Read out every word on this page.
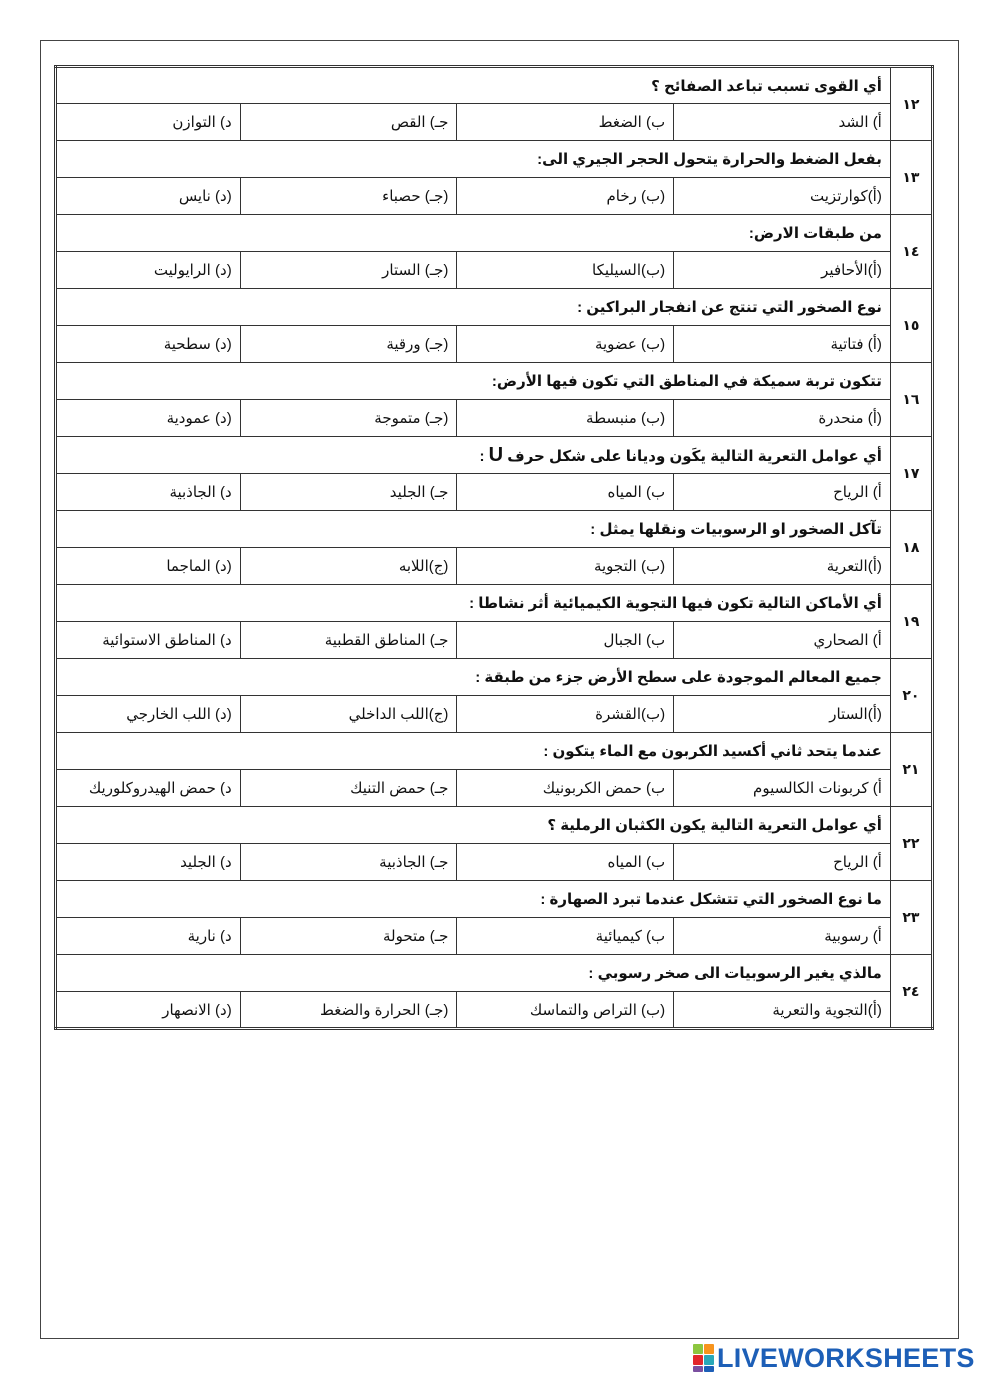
١٢	أي القوى تسبب تباعد الصفائح ؟			
	أ) الشد	ب) الضغط	جـ) القص	د) التوازن
١٣	بفعل الضغط والحرارة يتحول الحجر الجيري الى:			
	(أ)كوارتزيت	(ب) رخام	(جـ) حصباء	(د) نايس
١٤	من طبقات الارض:			
	(أ)الأحافير	(ب)السيليكا	(جـ) الستار	(د) الرايوليت
١٥	نوع الصخور التي تنتج عن انفجار البراكين :			
	(أ) فتاتية	(ب) عضوية	(جـ) ورقية	(د) سطحية
١٦	تتكون تربة سميكة في المناطق التي تكون فيها الأرض:			
	(أ) منحدرة	(ب) منبسطة	(جـ) متموجة	(د) عمودية
١٧	أي عوامل التعرية التالية يكَون وديانا على شكل حرف U :			
	أ) الرياح	ب) المياه	جـ) الجليد	د) الجاذبية
١٨	تآكل الصخور او الرسوبيات ونقلها يمثل :			
	(أ)التعرية	(ب) التجوية	(ج)اللابه	(د) الماجما
١٩	أي الأماكن التالية تكون فيها التجوية الكيميائية أثر نشاطا :			
	أ) الصحاري	ب) الجبال	جـ) المناطق القطبية	د) المناطق الاستوائية
٢٠	جميع المعالم الموجودة على سطح الأرض جزء من طبقة :			
	(أ)الستار	(ب)القشرة	(ج)اللب الداخلي	(د) اللب الخارجي
٢١	عندما يتحد ثاني أكسيد الكربون مع الماء يتكون :			
	أ) كربونات الكالسيوم	ب) حمض الكربونيك	جـ) حمض التنيك	د) حمض الهيدروكلوريك
٢٢	أي عوامل التعرية التالية يكون الكثبان الرملية ؟			
	أ) الرياح	ب) المياه	جـ) الجاذبية	د) الجليد
٢٣	ما نوع الصخور التي تتشكل عندما تبرد الصهارة :			
	أ) رسوبية	ب) كيميائية	جـ) متحولة	د) نارية
٢٤	مالذي يغير الرسوبيات الى صخر رسوبي :			
	(أ)التجوية والتعرية	(ب) التراص والتماسك	(جـ) الحرارة والضغط	(د) الانصهار
LIVEWORKSHEETS
